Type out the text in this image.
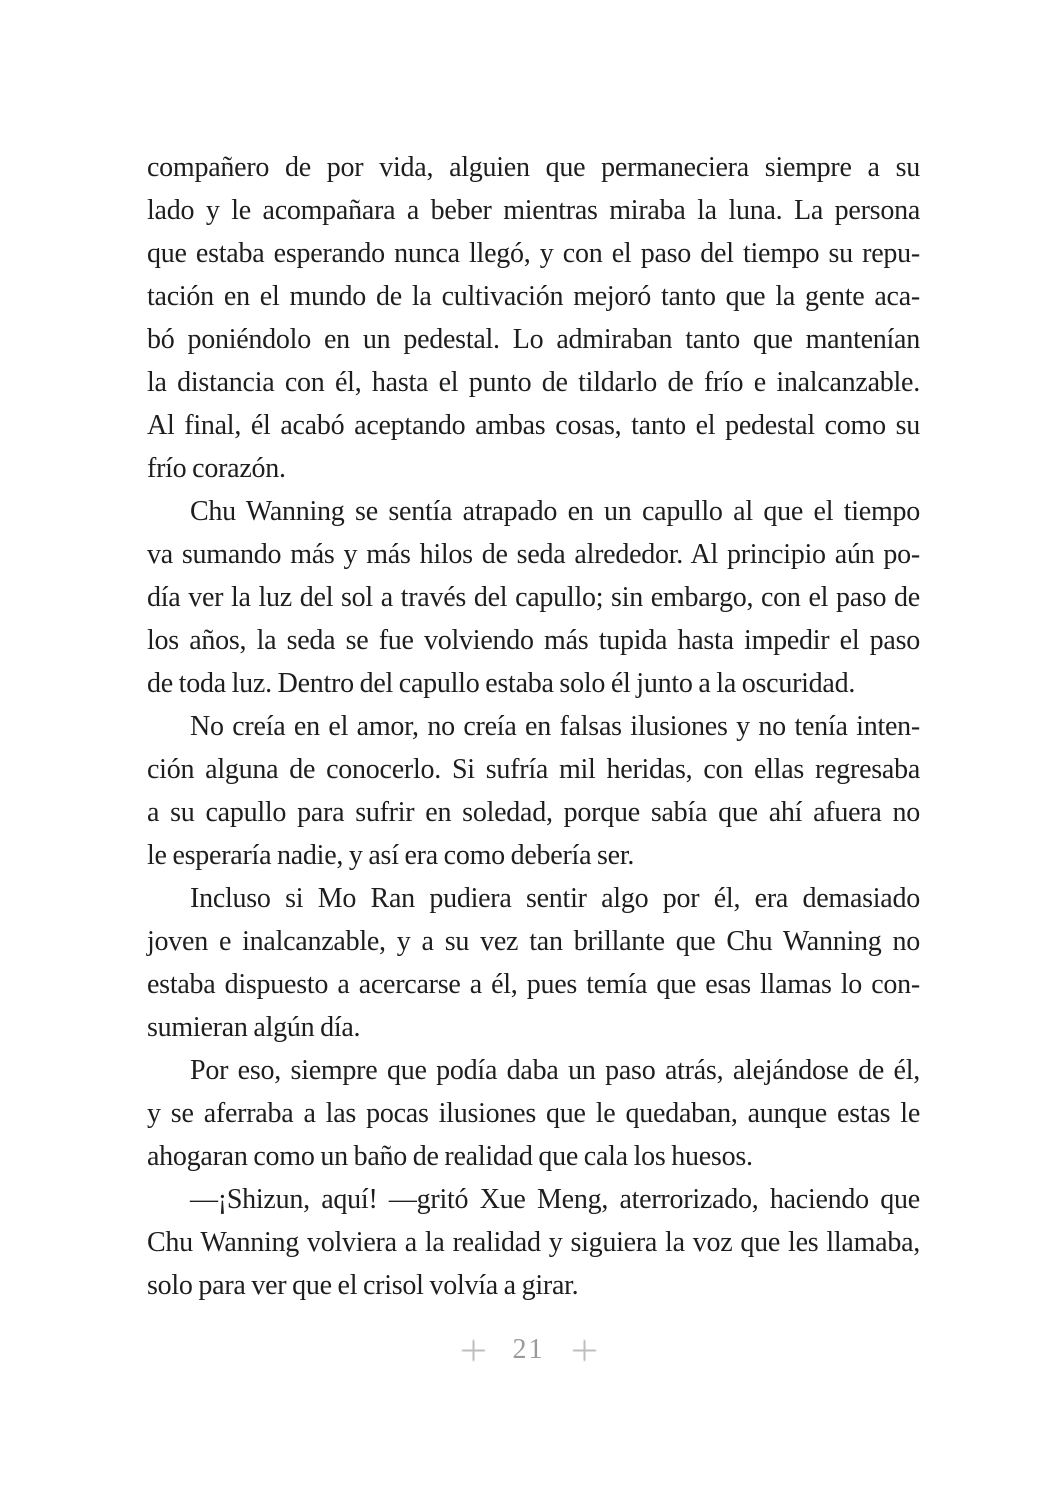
compañero de por vida, alguien que permaneciera siempre a su
lado y le acompañara a beber mientras miraba la luna. La persona
que estaba esperando nunca llegó, y con el paso del tiempo su repu-
tación en el mundo de la cultivación mejoró tanto que la gente aca-
bó poniéndolo en un pedestal. Lo admiraban tanto que mantenían
la distancia con él, hasta el punto de tildarlo de frío e inalcanzable.
Al final, él acabó aceptando ambas cosas, tanto el pedestal como su
frío corazón.
Chu Wanning se sentía atrapado en un capullo al que el tiempo
va sumando más y más hilos de seda alrededor. Al principio aún po-
día ver la luz del sol a través del capullo; sin embargo, con el paso de
los años, la seda se fue volviendo más tupida hasta impedir el paso
de toda luz. Dentro del capullo estaba solo él junto a la oscuridad.
No creía en el amor, no creía en falsas ilusiones y no tenía inten-
ción alguna de conocerlo. Si sufría mil heridas, con ellas regresaba
a su capullo para sufrir en soledad, porque sabía que ahí afuera no
le esperaría nadie, y así era como debería ser.
Incluso si Mo Ran pudiera sentir algo por él, era demasiado
joven e inalcanzable, y a su vez tan brillante que Chu Wanning no
estaba dispuesto a acercarse a él, pues temía que esas llamas lo con-
sumieran algún día.
Por eso, siempre que podía daba un paso atrás, alejándose de él,
y se aferraba a las pocas ilusiones que le quedaban, aunque estas le
ahogaran como un baño de realidad que cala los huesos.
—¡Shizun, aquí! —gritó Xue Meng, aterrorizado, haciendo que
Chu Wanning volviera a la realidad y siguiera la voz que les llamaba,
solo para ver que el crisol volvía a girar.
21
